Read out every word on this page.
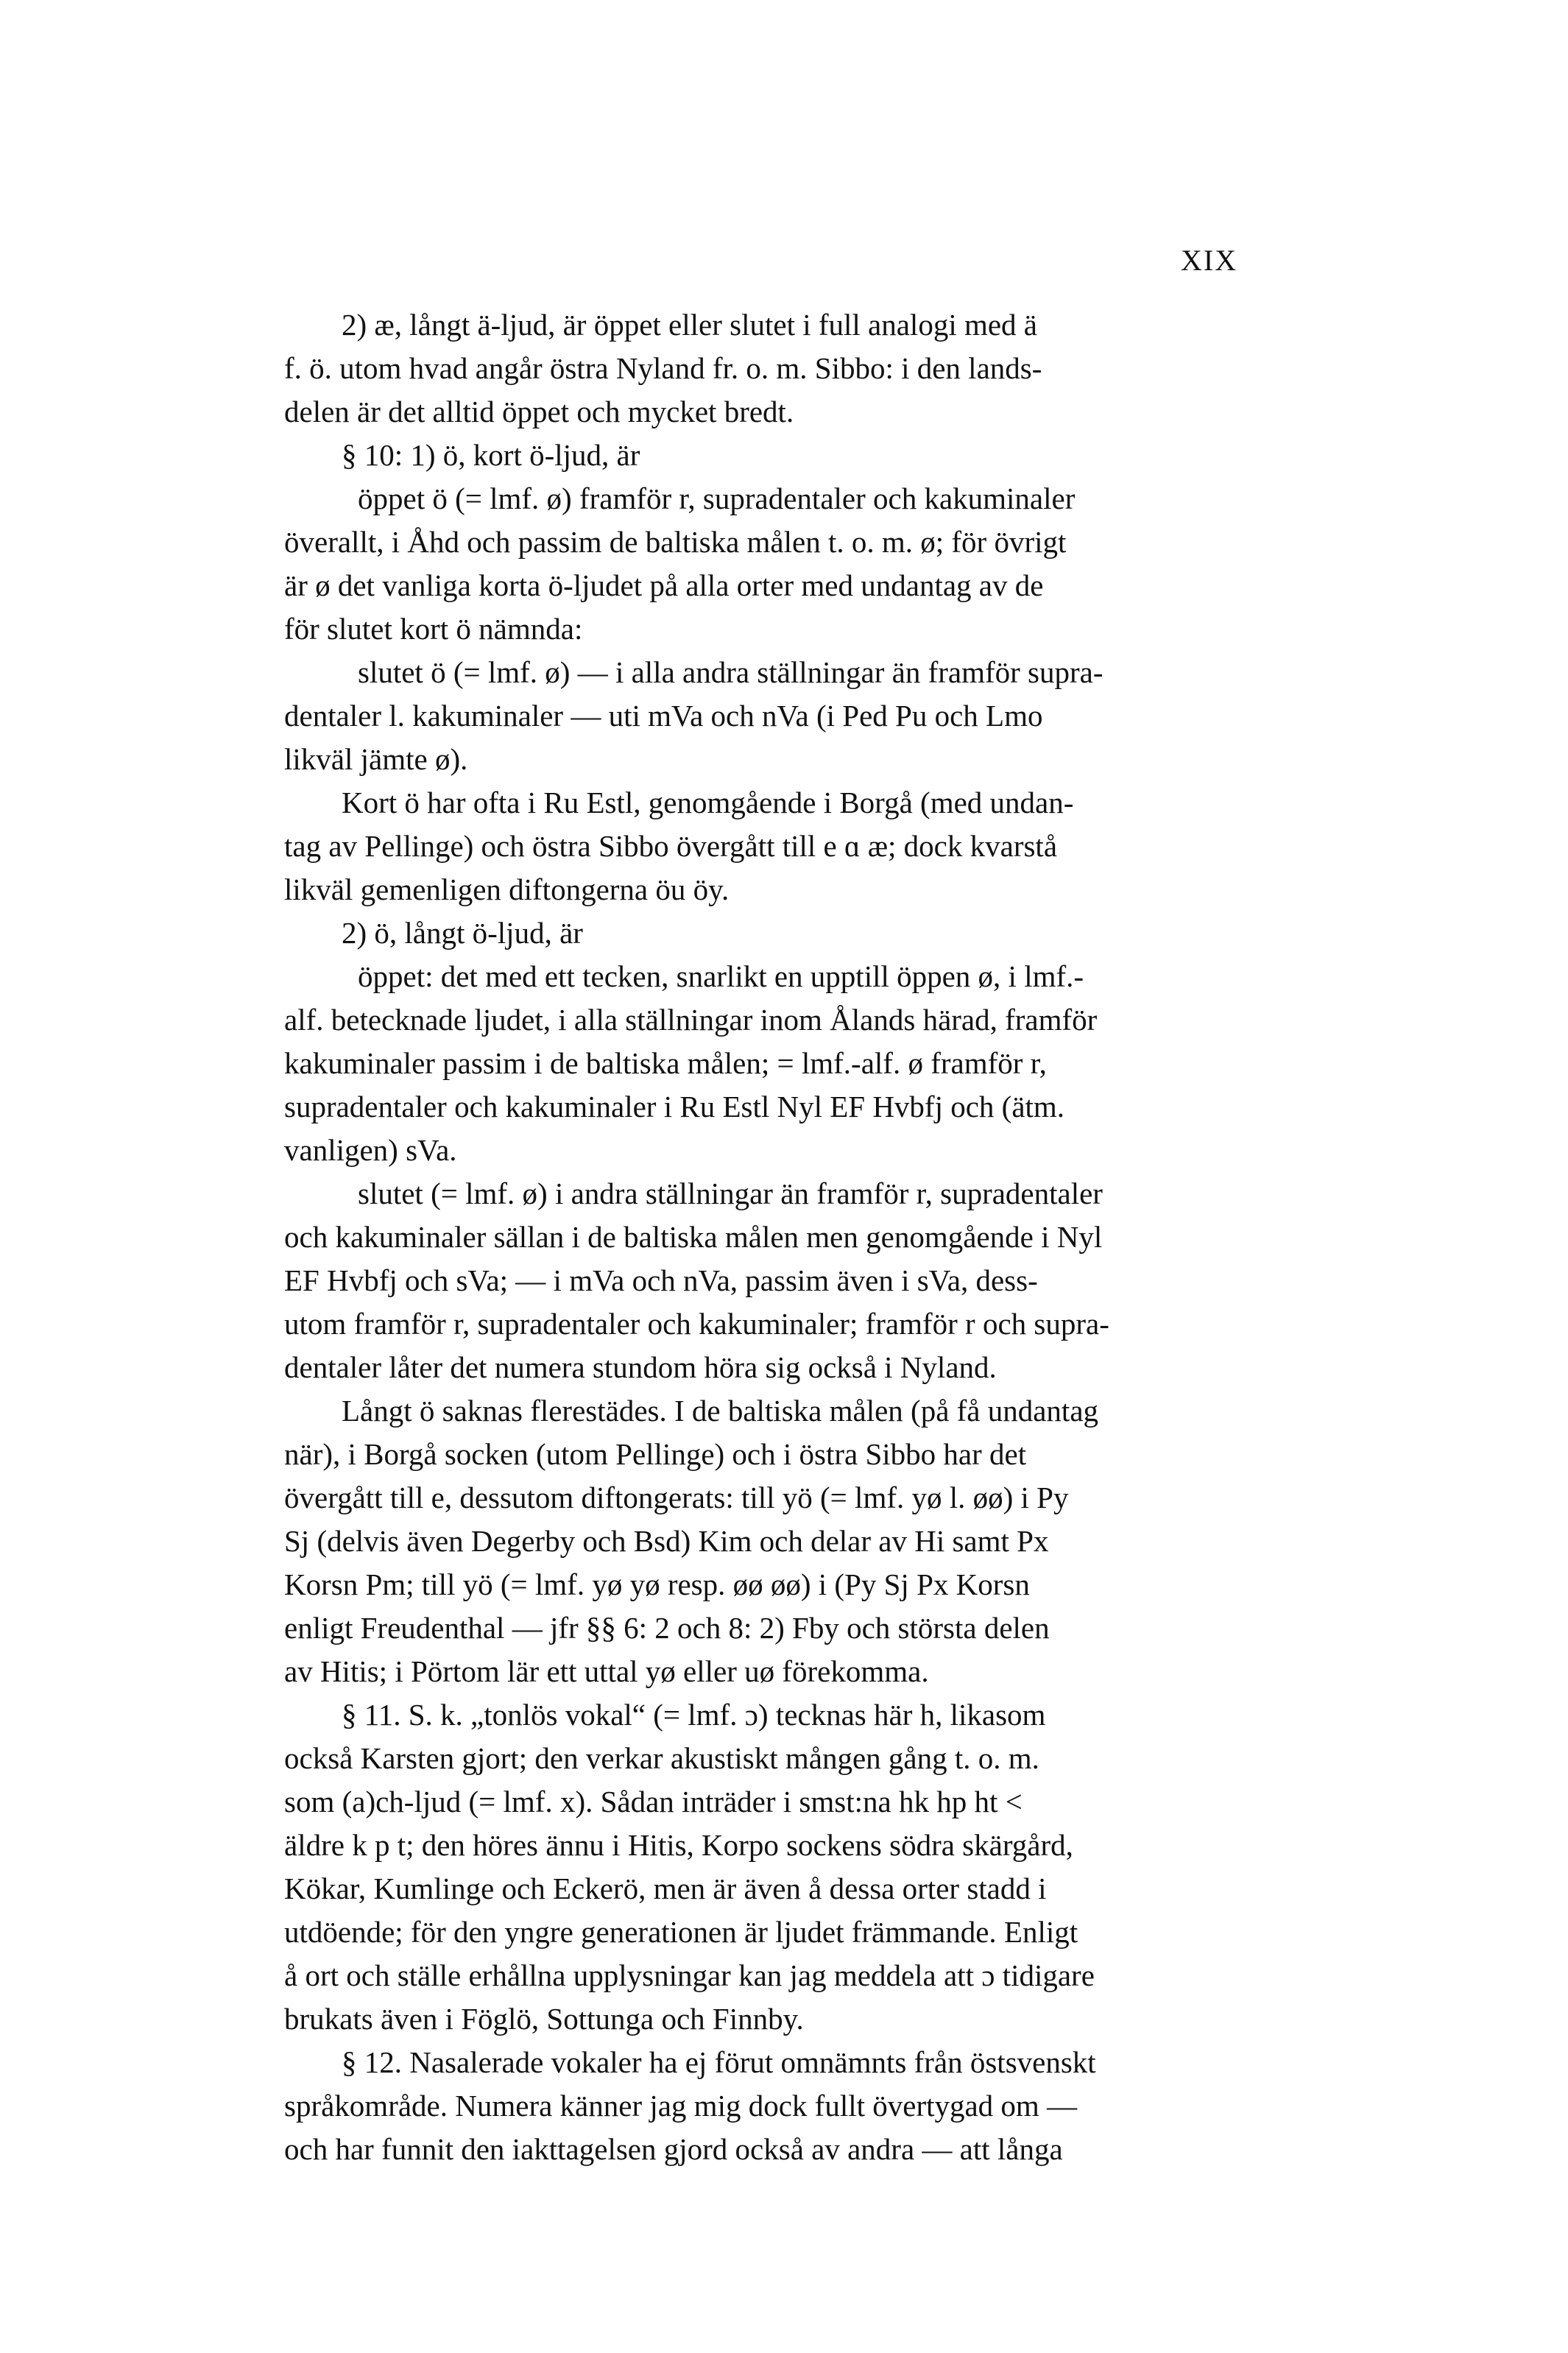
XIX
2) æ, långt ä-ljud, är öppet eller slutet i full analogi med ä
f. ö. utom hvad angår östra Nyland fr. o. m. Sibbo: i den lands-
delen är det alltid öppet och mycket bredt.
§ 10: 1) ö, kort ö-ljud, är
öppet ö (= lmf. ø) framför r, supradentaler och kakuminaler
överallt, i Åhd och passim de baltiska målen t. o. m. ø; för övrigt
är ø det vanliga korta ö-ljudet på alla orter med undantag av de
för slutet kort ö nämnda:
slutet ö (= lmf. ø) — i alla andra ställningar än framför supra-
dentaler l. kakuminaler — uti mVa och nVa (i Ped Pu och Lmo
likväl jämte ø).
Kort ö har ofta i Ru Estl, genomgående i Borgå (med undan-
tag av Pellinge) och östra Sibbo övergått till e ɑ æ; dock kvarstå
likväl gemenligen diftongerna öu öy.
2) ö, långt ö-ljud, är
öppet: det med ett tecken, snarlikt en upptill öppen ø, i lmf.-
alf. betecknade ljudet, i alla ställningar inom Ålands härad, framför
kakuminaler passim i de baltiska målen; = lmf.-alf. ø framför r,
supradentaler och kakuminaler i Ru Estl Nyl EF Hvbfj och (ätm.
vanligen) sVa.
slutet (= lmf. ø) i andra ställningar än framför r, supradentaler
och kakuminaler sällan i de baltiska målen men genomgående i Nyl
EF Hvbfj och sVa; — i mVa och nVa, passim även i sVa, dess-
utom framför r, supradentaler och kakuminaler; framför r och supra-
dentaler låter det numera stundom höra sig också i Nyland.
Långt ö saknas flerestädes. I de baltiska målen (på få undantag
när), i Borgå socken (utom Pellinge) och i östra Sibbo har det
övergått till e, dessutom diftongerats: till yö (= lmf. yø l. øø) i Py
Sj (delvis även Degerby och Bsd) Kim och delar av Hi samt Px
Korsn Pm; till yö (= lmf. yø yø resp. øø øø) i (Py Sj Px Korsn
enligt Freudenthal — jfr §§ 6: 2 och 8: 2) Fby och största delen
av Hitis; i Pörtom lär ett uttal yø eller uø förekomma.
§ 11. S. k. „tonlös vokal“ (= lmf. ɔ) tecknas här h, likasom
också Karsten gjort; den verkar akustiskt mången gång t. o. m.
som (a)ch-ljud (= lmf. x). Sådan inträder i smst:na hk hp ht <
äldre k p t; den höres ännu i Hitis, Korpo sockens södra skärgård,
Kökar, Kumlinge och Eckerö, men är även å dessa orter stadd i
utdöende; för den yngre generationen är ljudet främmande. Enligt
å ort och ställe erhållna upplysningar kan jag meddela att ɔ tidigare
brukats även i Föglö, Sottunga och Finnby.
§ 12. Nasalerade vokaler ha ej förut omnämnts från östsvenskt
språkområde. Numera känner jag mig dock fullt övertygad om —
och har funnit den iakttagelsen gjord också av andra — att långa
